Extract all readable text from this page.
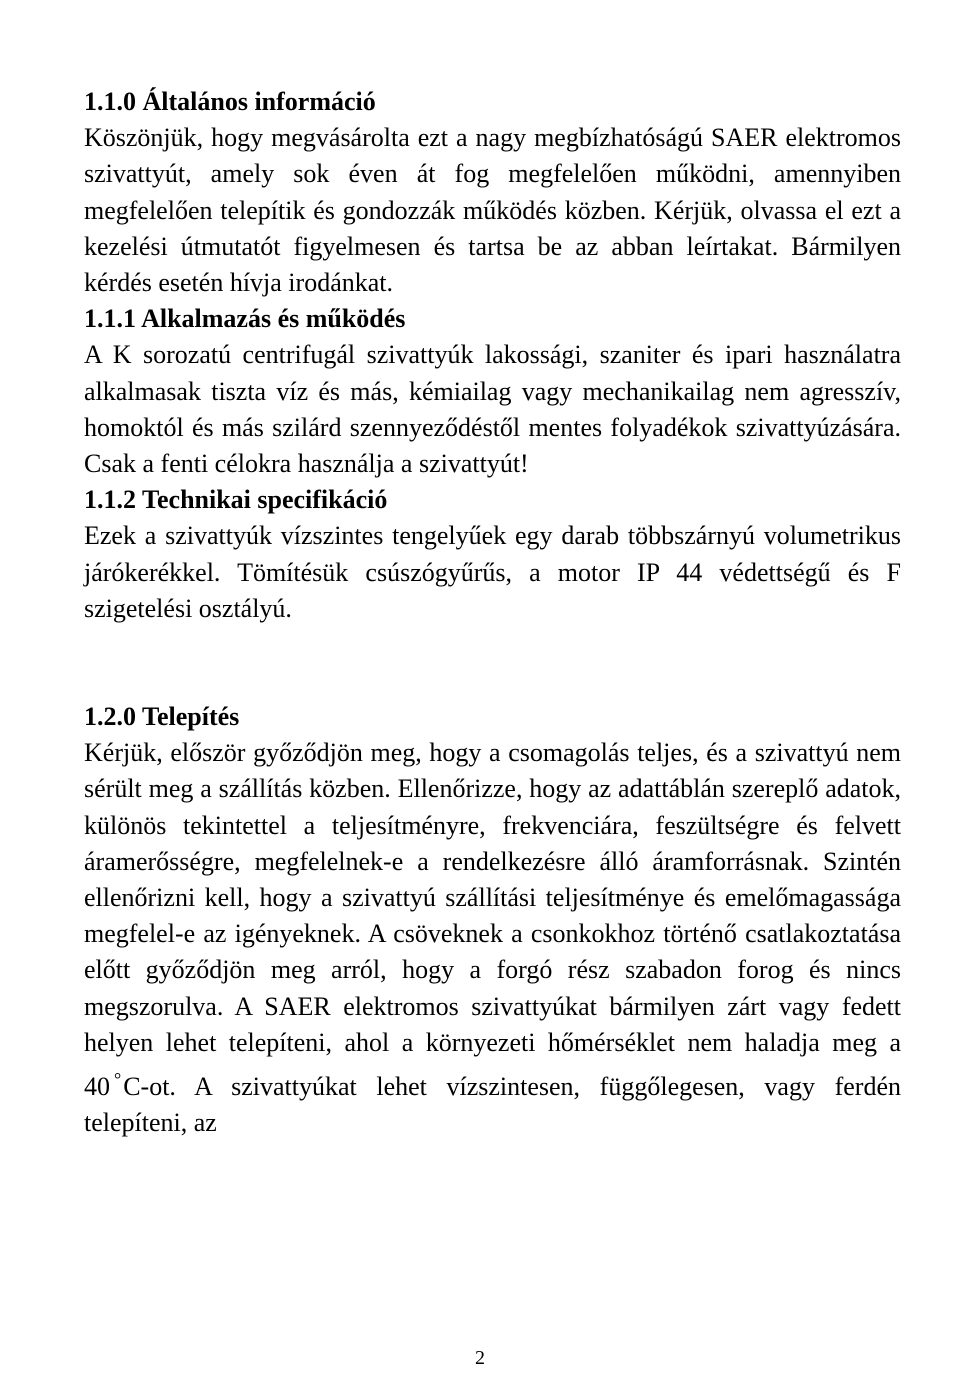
1.1.0 Általános információ

Köszönjük, hogy megvásárolta ezt a nagy megbízhatóságú SAER elektromos szivattyút, amely sok éven át fog megfelelően működni, amennyiben megfelelően telepítik és gondozzák működés közben. Kérjük, olvassa el ezt a kezelési útmutatót figyelmesen és tartsa be az abban leírtakat. Bármilyen kérdés esetén hívja irodánkat.

1.1.1 Alkalmazás és működés

A K sorozatú centrifugál szivattyúk lakossági, szaniter és ipari használatra alkalmasak tiszta víz és más, kémiailag vagy mechanikailag nem agresszív, homoktól és más szilárd szennyeződéstől mentes folyadékok szivattyúzására. Csak a fenti célokra használja a szivattyút!

1.1.2 Technikai specifikáció

Ezek a szivattyúk vízszintes tengelyűek egy darab többszárnyú volumetrikus járókerékkel. Tömítésük csúszógyűrűs, a motor IP 44 védettségű és F szigetelési osztályú.

1.2.0 Telepítés

Kérjük, először győződjön meg, hogy a csomagolás teljes, és a szivattyú nem sérült meg a szállítás közben. Ellenőrizze, hogy az adattáblán szereplő adatok, különös tekintettel a teljesítményre, frekvenciára, feszültségre és felvett áramerősségre, megfelelnek-e a rendelkezésre álló áramforrásnak. Szintén ellenőrizni kell, hogy a szivattyú szállítási teljesítménye és emelőmagassága megfelel-e az igényeknek. A csöveknek a csonkokhoz történő csatlakoztatása előtt győződjön meg arról, hogy a forgó rész szabadon forog és nincs megszorulva. A SAER elektromos szivattyúkat bármilyen zárt vagy fedett helyen lehet telepíteni, ahol a környezeti hőmérséklet nem haladja meg a 40 °C-ot. A szivattyúkat lehet vízszintesen, függőlegesen, vagy ferdén telepíteni, az

2
